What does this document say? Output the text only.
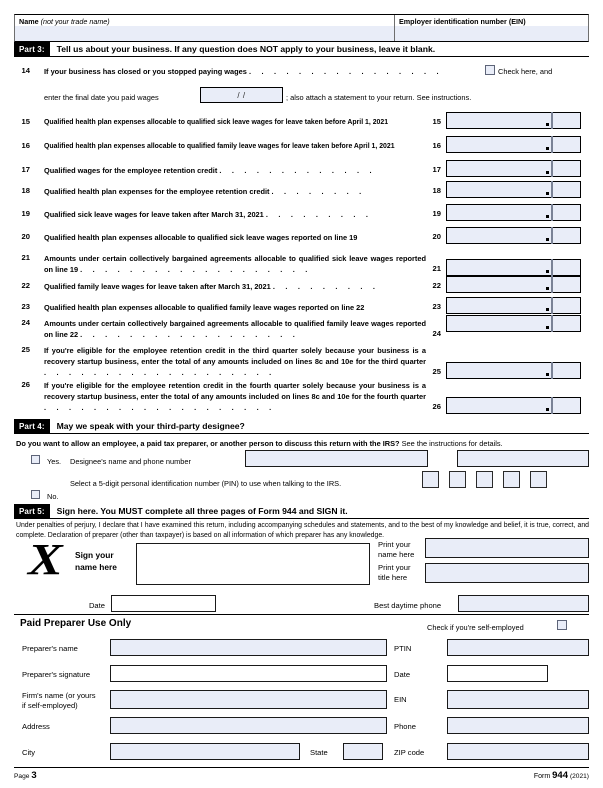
Name (not your trade name)	Employer identification number (EIN)
Part 3:	Tell us about your business. If any question does NOT apply to your business, leave it blank.
14 If your business has closed or you stopped paying wages . . . . . . . . . . . . . . . .	Check here, and
enter the final date you paid wages	/ /	; also attach a statement to your return. See instructions.
15 Qualified health plan expenses allocable to qualified sick leave wages for leave taken before April 1, 2021	15
16 Qualified health plan expenses allocable to qualified family leave wages for leave taken before April 1, 2021	16
17 Qualified wages for the employee retention credit . . . . . . . . . . . . .	17
18 Qualified health plan expenses for the employee retention credit . . . . . . . .	18
19 Qualified sick leave wages for leave taken after March 31, 2021 . . . . . . . . .	19
20 Qualified health plan expenses allocable to qualified sick leave wages reported on line 19	20
21 Amounts under certain collectively bargained agreements allocable to qualified sick leave wages reported on line 19 . . . . . . . . . . . . . . . . . . .	21
22 Qualified family leave wages for leave taken after March 31, 2021 . . . . . . . . .	22
23 Qualified health plan expenses allocable to qualified family leave wages reported on line 22	23
24 Amounts under certain collectively bargained agreements allocable to qualified family leave wages reported on line 22 . . . . . . . . . . . . . . . . . .	24
25 If you're eligible for the employee retention credit in the third quarter solely because your business is a recovery startup business, enter the total of any amounts included on lines 8c and 10e for the third quarter . . . . . . . . . . . . . . . . . . .	25
26 If you're eligible for the employee retention credit in the fourth quarter solely because your business is a recovery startup business, enter the total of any amounts included on lines 8c and 10e for the fourth quarter . . . . . . . . . . . . . . . . . . .	26
Part 4:	May we speak with your third-party designee?
Do you want to allow an employee, a paid tax preparer, or another person to discuss this return with the IRS? See the instructions for details.
Yes. Designee's name and phone number
Select a 5-digit personal identification number (PIN) to use when talking to the IRS.
No.
Part 5:	Sign here. You MUST complete all three pages of Form 944 and SIGN it.
Under penalties of perjury, I declare that I have examined this return, including accompanying schedules and statements, and to the best of my knowledge and belief, it is true, correct, and complete. Declaration of preparer (other than taxpayer) is based on all information of which preparer has any knowledge.
X Sign your
name here
Date
Print your
name here
Print your
title here
Best daytime phone
Paid Preparer Use Only	Check if you're self-employed
Preparer's name	PTIN
Preparer's signature	Date
Firm's name (or yours
if self-employed)
EIN
Address	Phone
City	State	ZIP code
Page 3	Form 944 (2021)
